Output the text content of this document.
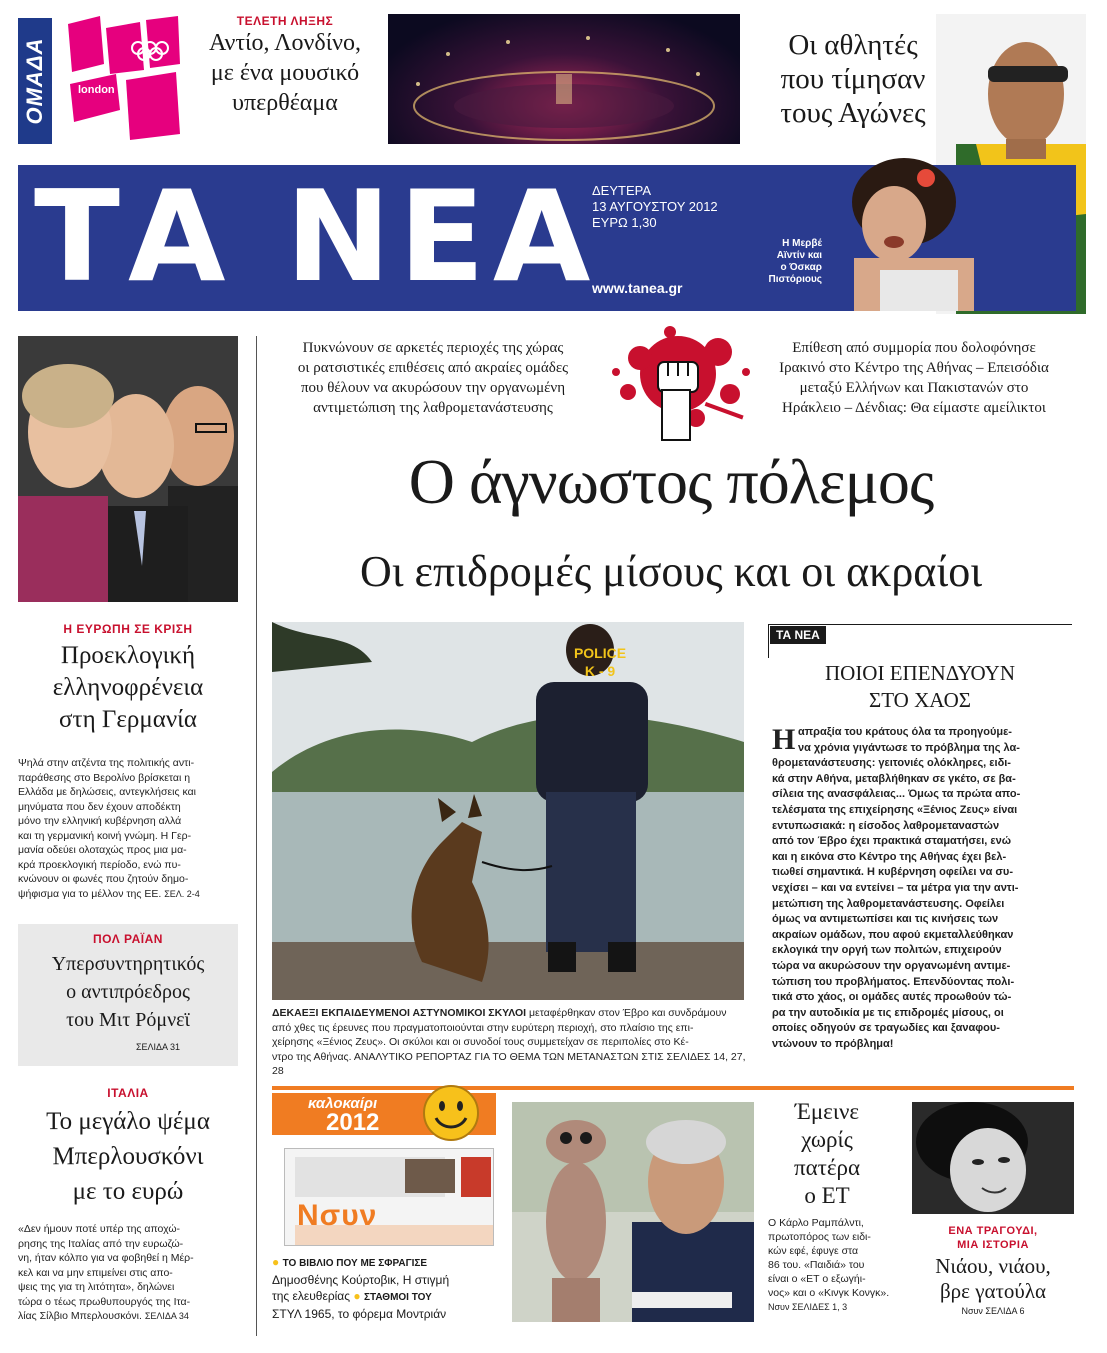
ΟΜΑΔΑ	london
ΤΕΛΕΤΗ ΛΗΞΗΣ
Αντίο, Λονδίνο,
με ένα μουσικό
υπερθέαμα
Οι αθλητές
που τίμησαν
τους Αγώνες
ΤΑ ΝΕΑ
ΔΕΥΤΕΡΑ
13 ΑΥΓΟΥΣΤΟΥ 2012
ΕΥΡΩ 1,30
www.tanea.gr
Η Μερβέ
Αϊντίν και
ο Όσκαρ
Πιστόριους
Η ΕΥΡΩΠΗ ΣΕ ΚΡΙΣΗ
Προεκλογική
ελληνοφρένεια
στη Γερμανία
Ψηλά στην ατζέντα της πολιτικής αντι-
παράθεσης στο Βερολίνο βρίσκεται η
Ελλάδα με δηλώσεις, αντεγκλήσεις και
μηνύματα που δεν έχουν αποδέκτη
μόνο την ελληνική κυβέρνηση αλλά
και τη γερμανική κοινή γνώμη. Η Γερ-
μανία οδεύει ολοταχώς προς μια μα-
κρά προεκλογική περίοδο, ενώ πυ-
κνώνουν οι φωνές που ζητούν δημο-
ψήφισμα για το μέλλον της ΕΕ. ΣΕΛ. 2-4
ΠΟΛ ΡΑΪΑΝ
Υπερσυντηρητικός
ο αντιπρόεδρος
του Μιτ Ρόμνεϊ
ΣΕΛΙΔΑ 31
ΙΤΑΛΙΑ
Το μεγάλο ψέμα
Μπερλουσκόνι
με το ευρώ
«Δεν ήμουν ποτέ υπέρ της αποχώ-
ρησης της Ιταλίας από την ευρωζώ-
νη, ήταν κόλπο για να φοβηθεί η Μέρ-
κελ και να μην επιμείνει στις απο-
ψεις της για τη λιτότητα», δηλώνει
τώρα ο τέως πρωθυπουργός της Ιτα-
λίας Σίλβιο Μπερλουσκόνι. ΣΕΛΙΔΑ 34
Πυκνώνουν σε αρκετές περιοχές της χώρας
οι ρατσιστικές επιθέσεις από ακραίες ομάδες
που θέλουν να ακυρώσουν την οργανωμένη
αντιμετώπιση της λαθρομετανάστευσης
Επίθεση από συμμορία που δολοφόνησε
Ιρακινό στο Κέντρο της Αθήνας – Επεισόδια
μεταξύ Ελλήνων και Πακιστανών στο
Ηράκλειο – Δένδιας: Θα είμαστε αμείλικτοι
Ο άγνωστος πόλεμος
Οι επιδρομές μίσους και οι ακραίοι
POLICE
K - 9
ΔΕΚΑΕΞΙ ΕΚΠΑΙΔΕΥΜΕΝΟΙ ΑΣΤΥΝΟΜΙΚΟΙ ΣΚΥΛΟΙ μεταφέρθηκαν στον Έβρο και συνδράμουν
από χθες τις έρευνες που πραγματοποιούνται στην ευρύτερη περιοχή, στο πλαίσιο της επι-
χείρησης «Ξένιος Ζευς». Οι σκύλοι και οι συνοδοί τους συμμετείχαν σε περιπολίες στο Κέ-
ντρο της Αθήνας. ΑΝΑΛΥΤΙΚΟ ΡΕΠΟΡΤΑΖ ΓΙΑ ΤΟ ΘΕΜΑ ΤΩΝ ΜΕΤΑΝΑΣΤΩΝ ΣΤΙΣ ΣΕΛΙΔΕΣ 14, 27, 28
ΤΑ ΝΕΑ
ΠΟΙΟΙ ΕΠΕΝΔΥΟΥΝ
ΣΤΟ ΧΑΟΣ
Η απραξία του κράτους όλα τα προηγούμε-
να χρόνια γιγάντωσε το πρόβλημα της λα-
θρομετανάστευσης: γειτονιές ολόκληρες, ειδι-
κά στην Αθήνα, μεταβλήθηκαν σε γκέτο, σε βα-
σίλεια της ανασφάλειας... Όμως τα πρώτα απο-
τελέσματα της επιχείρησης «Ξένιος Ζευς» είναι
εντυπωσιακά: η είσοδος λαθρομεταναστών
από τον Έβρο έχει πρακτικά σταματήσει, ενώ
και η εικόνα στο Κέντρο της Αθήνας έχει βελ-
τιωθεί σημαντικά. Η κυβέρνηση οφείλει να συ-
νεχίσει – και να εντείνει – τα μέτρα για την αντι-
μετώπιση της λαθρομετανάστευσης. Οφείλει
όμως να αντιμετωπίσει και τις κινήσεις των
ακραίων ομάδων, που αφού εκμεταλλεύθηκαν
εκλογικά την οργή των πολιτών, επιχειρούν
τώρα να ακυρώσουν την οργανωμένη αντιμε-
τώπιση του προβλήματος. Επενδύοντας πολι-
τικά στο χάος, οι ομάδες αυτές προωθούν τώ-
ρα την αυτοδικία με τις επιδρομές μίσους, οι
οποίες οδηγούν σε τραγωδίες και ξαναφου-
ντώνουν το πρόβλημα!
καλοκαίρι
2012
Νσυν
● ΤΟ ΒΙΒΛΙΟ ΠΟΥ ΜΕ ΣΦΡΑΓΙΣΕ
Δημοσθένης Κούρτοβικ, Η στιγμή
της ελευθερίας ● ΣΤΑΘΜΟΙ ΤΟΥ
ΣΤΥΛ 1965, το φόρεμα Μοντριάν
Έμεινε
χωρίς
πατέρα
ο ΕΤ
Ο Κάρλο Ραμπάλντι,
πρωτοπόρος των ειδι-
κών εφέ, έφυγε στα
86 του. «Παιδιά» του
είναι ο «ΕΤ ο εξωγήι-
νος» και ο «Κινγκ Κονγκ».
Νσυν ΣΕΛΙΔΕΣ 1, 3
ΕΝΑ ΤΡΑΓΟΥΔΙ,
ΜΙΑ ΙΣΤΟΡΙΑ
Νιάου, νιάου,
βρε γατούλα
Νσυν ΣΕΛΙΔΑ 6
